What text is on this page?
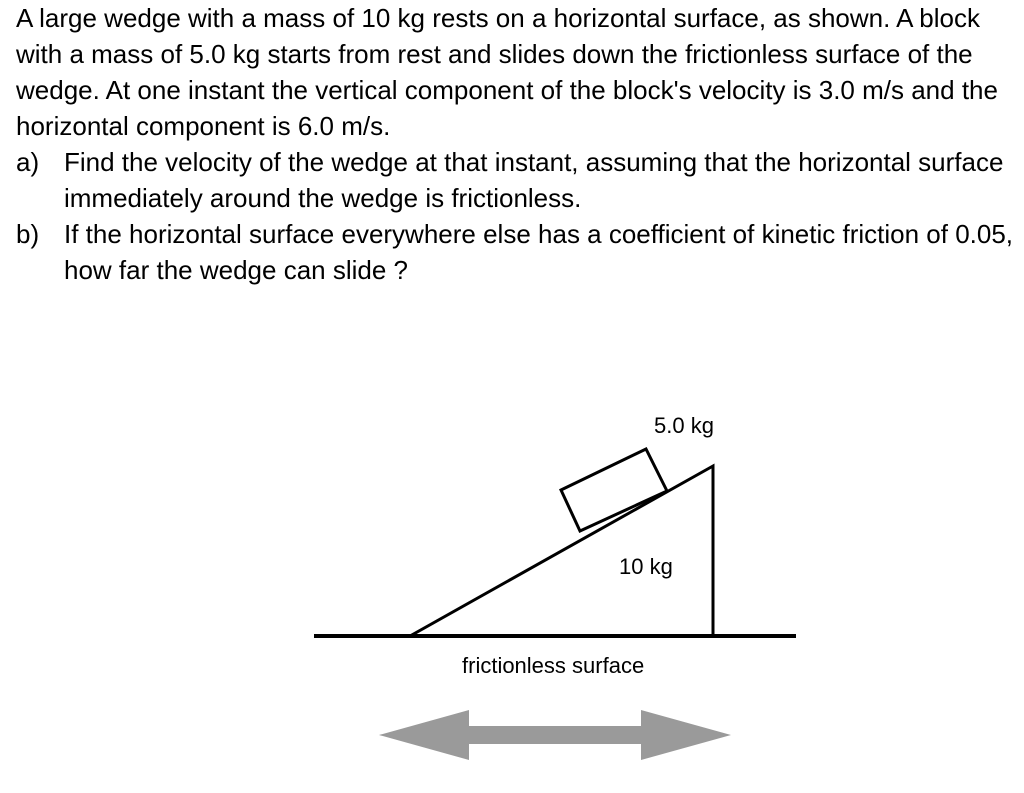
A large wedge with a mass of 10 kg rests on a horizontal surface, as shown. A block with a mass of 5.0 kg starts from rest and slides down the frictionless surface of the wedge. At one instant the vertical component of the block's velocity is 3.0 m/s and the horizontal component is 6.0 m/s.

a) Find the velocity of the wedge at that instant, assuming that the horizontal surface immediately around the wedge is frictionless.
b) If the horizontal surface everywhere else has a coefficient of kinetic friction of 0.05, how far the wedge can slide ?
5.0 kg
10 kg
frictionless surface
